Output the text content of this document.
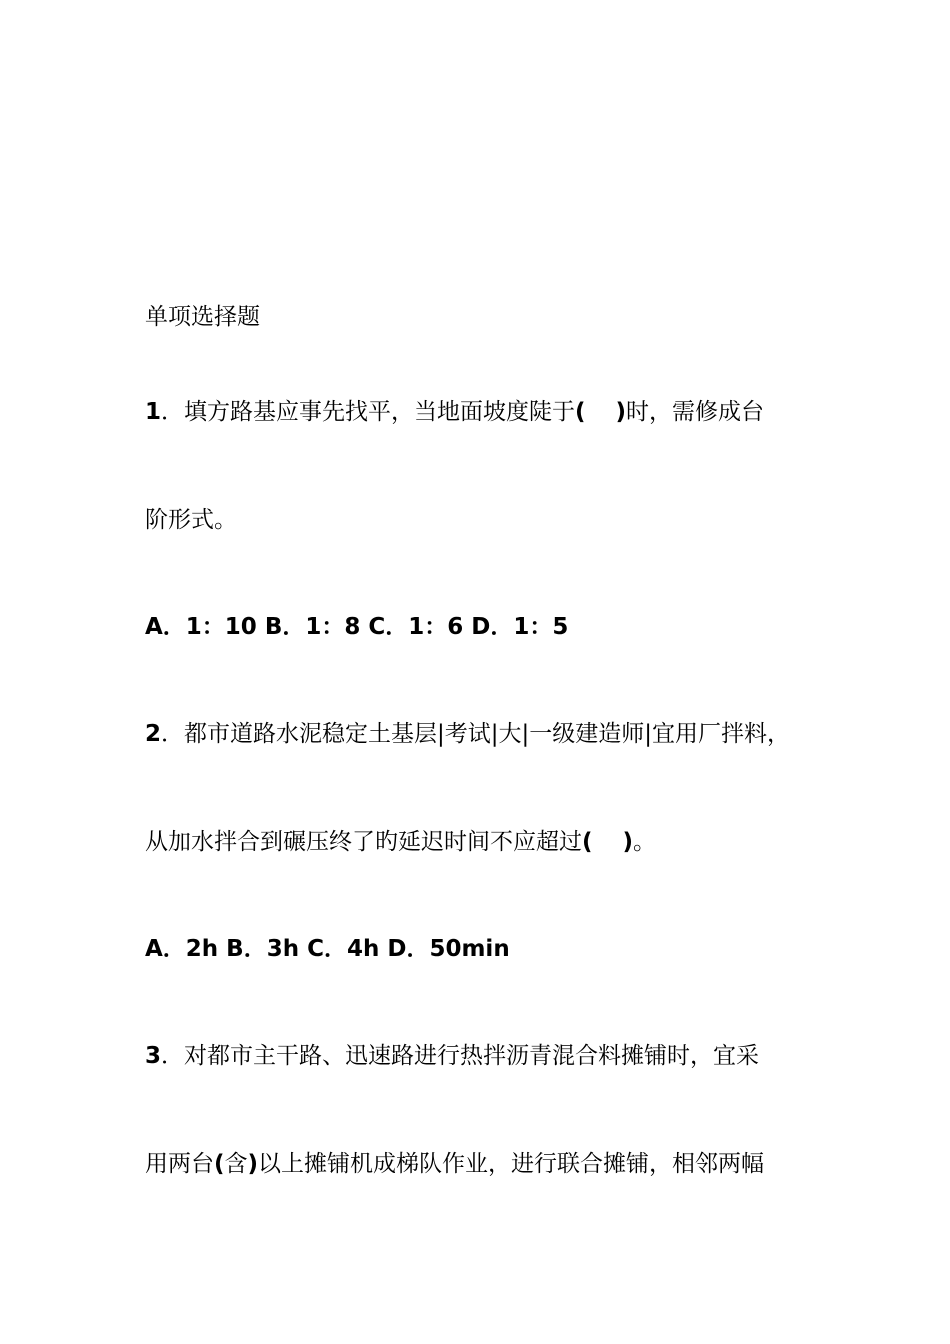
单项选择题
1．填方路基应事先找平，当地面坡度陡于( )时，需修成台
阶形式。
A．1：10 B．1：8 C．1：6 D．1：5
2．都市道路水泥稳定土基层|考试|大|一级建造师|宜用厂拌料，
从加水拌合到碾压终了旳延迟时间不应超过( )。
A．2h B．3h C．4h D．50min
3．对都市主干路、迅速路进行热拌沥青混合料摊铺时，宜采
用两台(含)以上摊铺机成梯队作业，进行联合摊铺，相邻两幅
